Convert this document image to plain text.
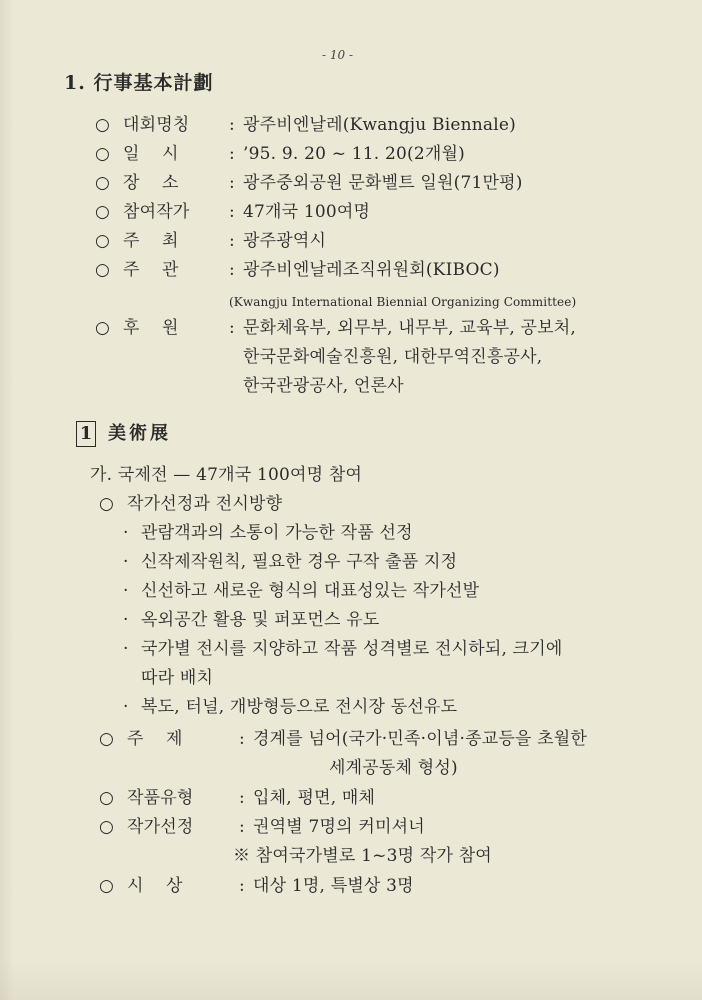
- 10 -
1. 行事基本計劃
○ 대회명칭 : 광주비엔날레(Kwangju Biennale)
○ 일    시	: ’95. 9. 20 ~ 11. 20(2개월)
○ 장    소	: 광주중외공원 문화벨트 일원(71만평)
○ 참여작가 : 47개국 100여명
○ 주    최	: 광주광역시
○ 주    관	: 광주비엔날레조직위원회(KIBOC)
(Kwangju International Biennial Organizing Committee)
○ 후    원	: 문화체육부, 외무부, 내무부, 교육부, 공보처,
한국문화예술진흥원, 대한무역진흥공사,
한국관광공사, 언론사
1 美術展
가. 국제전 — 47개국 100여명 참여
○ 작가선정과 전시방향
· 관람객과의 소통이 가능한 작품 선정
· 신작제작원칙, 필요한 경우 구작 출품 지정
· 신선하고 새로운 형식의 대표성있는 작가선발
· 옥외공간 활용 및 퍼포먼스 유도
· 국가별 전시를 지양하고 작품 성격별로 전시하되, 크기에
따라 배치
· 복도, 터널, 개방형등으로 전시장 동선유도
○ 주    제	: 경계를 넘어(국가·민족·이념·종교등을 초월한
세계공동체 형성)
○ 작품유형	: 입체, 평면, 매체
○ 작가선정	: 권역별 7명의 커미셔너
※ 참여국가별로 1~3명 작가 참여
○ 시    상	: 대상 1명, 특별상 3명
